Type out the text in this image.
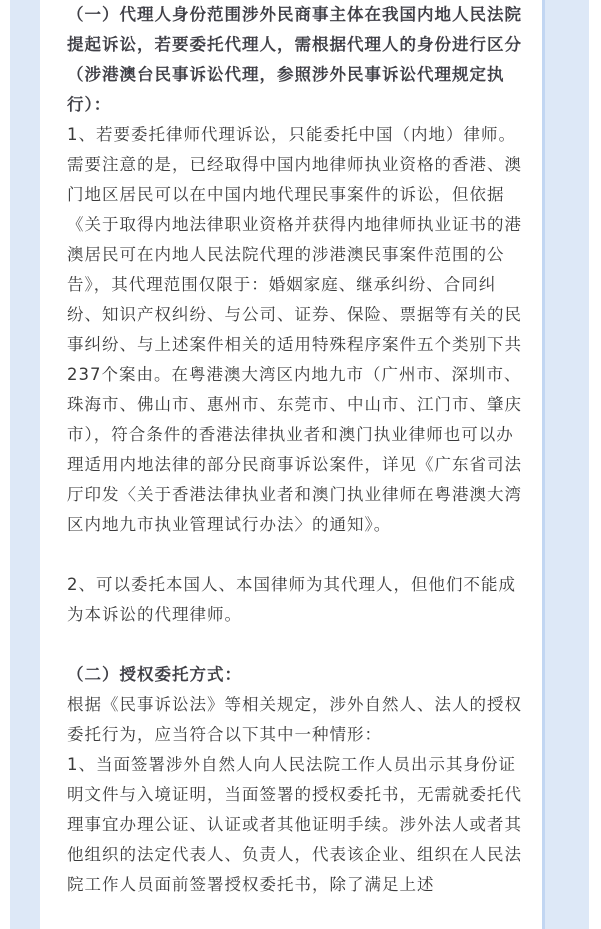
（一）代理人身份范围涉外民商事主体在我国内地人民法院提起诉讼，若要委托代理人，需根据代理人的身份进行区分（涉港澳台民事诉讼代理，参照涉外民事诉讼代理规定执行）：

1、若要委托律师代理诉讼，只能委托中国（内地）律师。需要注意的是，已经取得中国内地律师执业资格的香港、澳门地区居民可以在中国内地代理民事案件的诉讼，但依据《关于取得内地法律职业资格并获得内地律师执业证书的港澳居民可在内地人民法院代理的涉港澳民事案件范围的公告》，其代理范围仅限于：婚姻家庭、继承纠纷、合同纠纷、知识产权纠纷、与公司、证券、保险、票据等有关的民事纠纷、与上述案件相关的适用特殊程序案件五个类别下共237个案由。在粤港澳大湾区内地九市（广州市、深圳市、珠海市、佛山市、惠州市、东莞市、中山市、江门市、肇庆市），符合条件的香港法律执业者和澳门执业律师也可以办理适用内地法律的部分民商事诉讼案件，详见《广东省司法厅印发〈关于香港法律执业者和澳门执业律师在粤港澳大湾区内地九市执业管理试行办法〉的通知》。

2、可以委托本国人、本国律师为其代理人，但他们不能成为本诉讼的代理律师。

（二）授权委托方式：

根据《民事诉讼法》等相关规定，涉外自然人、法人的授权委托行为，应当符合以下其中一种情形：

1、当面签署涉外自然人向人民法院工作人员出示其身份证明文件与入境证明，当面签署的授权委托书，无需就委托代理事宜办理公证、认证或者其他证明手续。涉外法人或者其他组织的法定代表人、负责人，代表该企业、组织在人民法院工作人员面前签署授权委托书，除了满足上述
